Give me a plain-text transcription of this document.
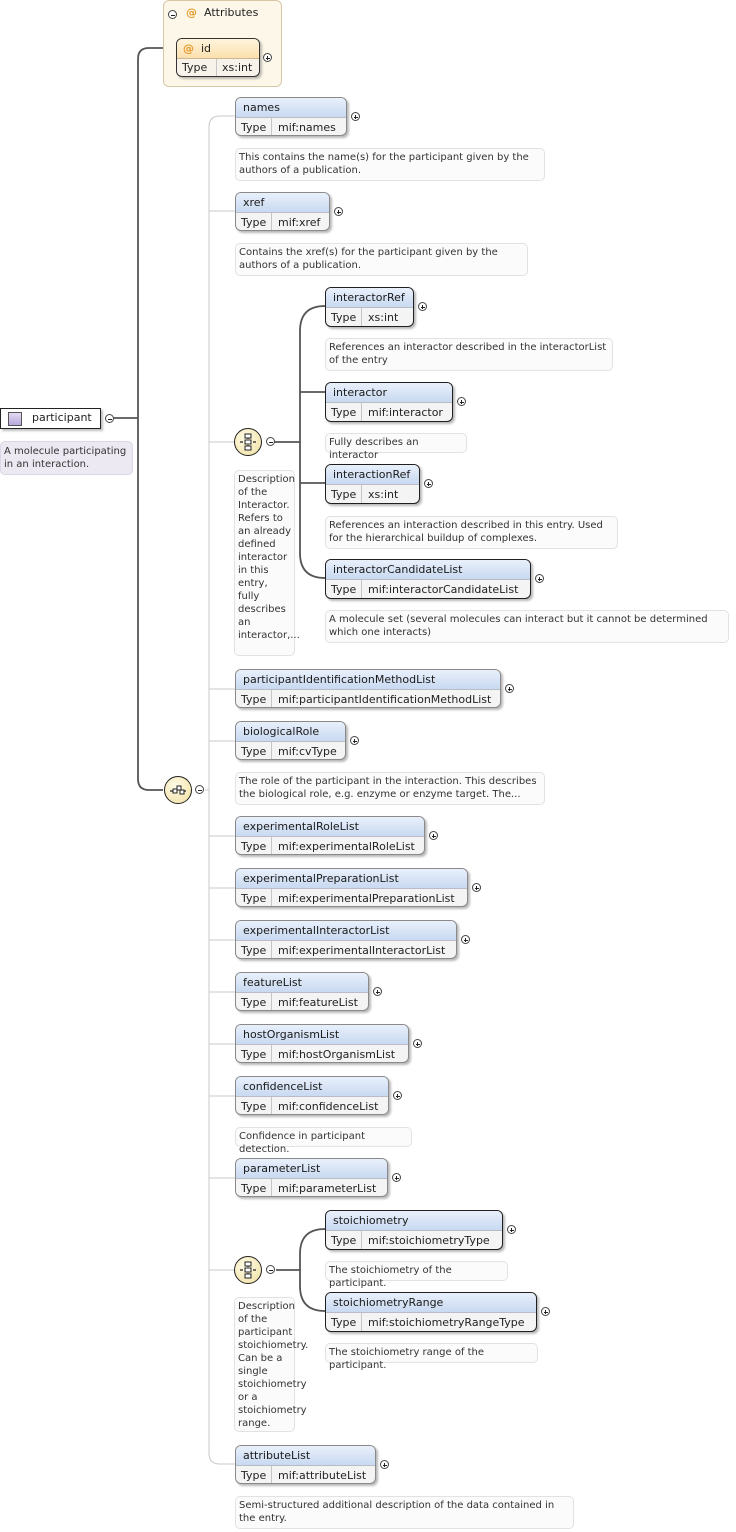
participant
A molecule participating in an interaction.
@ Attributes
@ id
Type	xs:int
names
Type	mif:names
This contains the name(s) for the participant given by the authors of a publication.
xref
Type	mif:xref
Contains the xref(s) for the participant given by the authors of a publication.
Description of the Interactor. Refers to an already defined interactor in this entry, fully describes an interactor,...
interactorRef
Type	xs:int
References an interactor described in the interactorList of the entry
interactor
Type	mif:interactor
Fully describes an interactor
interactionRef
Type	xs:int
References an interaction described in this entry. Used for the hierarchical buildup of complexes.
interactorCandidateList
Type	mif:interactorCandidateList
A molecule set (several molecules can interact but it cannot be determined which one interacts)
participantIdentificationMethodList
Type	mif:participantIdentificationMethodList
biologicalRole
Type	mif:cvType
The role of the participant in the interaction. This describes the biological role, e.g. enzyme or enzyme target. The...
experimentalRoleList
Type	mif:experimentalRoleList
experimentalPreparationList
Type	mif:experimentalPreparationList
experimentalInteractorList
Type	mif:experimentalInteractorList
featureList
Type	mif:featureList
hostOrganismList
Type	mif:hostOrganismList
confidenceList
Type	mif:confidenceList
Confidence in participant detection.
parameterList
Type	mif:parameterList
Description of the participant stoichiometry. Can be a single stoichiometry or a stoichiometry range.
stoichiometry
Type	mif:stoichiometryType
The stoichiometry of the participant.
stoichiometryRange
Type	mif:stoichiometryRangeType
The stoichiometry range of the participant.
attributeList
Type	mif:attributeList
Semi-structured additional description of the data contained in the entry.
